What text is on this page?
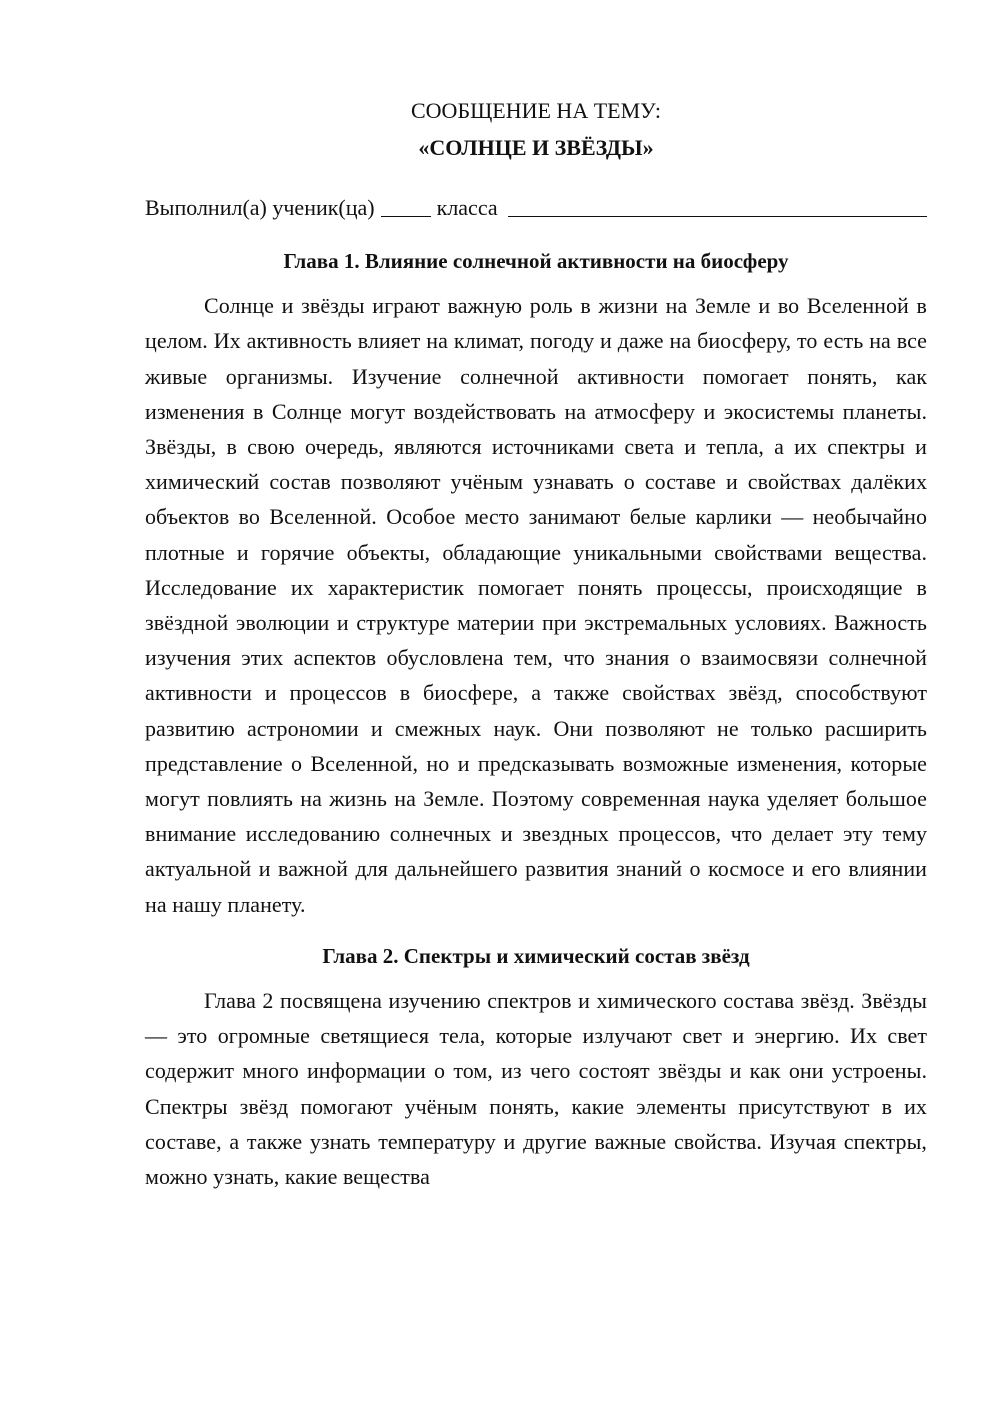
СООБЩЕНИЕ НА ТЕМУ:

«СОЛНЦЕ И ЗВЁЗДЫ»

Выполнил(а) ученик(ца)	класса
Глава 1. Влияние солнечной активности на биосферу

Солнце и звёзды играют важную роль в жизни на Земле и во Вселенной в целом. Их активность влияет на климат, погоду и даже на биосферу, то есть на все живые организмы. Изучение солнечной активности помогает понять, как изменения в Солнце могут воздействовать на атмосферу и экосистемы планеты. Звёзды, в свою очередь, являются источниками света и тепла, а их спектры и химический состав позволяют учёным узнавать о составе и свойствах далёких объектов во Вселенной. Особое место занимают белые карлики — необычайно плотные и горячие объекты, обладающие уникальными свойствами вещества. Исследование их характеристик помогает понять процессы, происходящие в звёздной эволюции и структуре материи при экстремальных условиях. Важность изучения этих аспектов обусловлена тем, что знания о взаимосвязи солнечной активности и процессов в биосфере, а также свойствах звёзд, способствуют развитию астрономии и смежных наук. Они позволяют не только расширить представление о Вселенной, но и предсказывать возможные изменения, которые могут повлиять на жизнь на Земле. Поэтому современная наука уделяет большое внимание исследованию солнечных и звездных процессов, что делает эту тему актуальной и важной для дальнейшего развития знаний о космосе и его влиянии на нашу планету.

Глава 2. Спектры и химический состав звёзд

Глава 2 посвящена изучению спектров и химического состава звёзд. Звёзды — это огромные светящиеся тела, которые излучают свет и энергию. Их свет содержит много информации о том, из чего состоят звёзды и как они устроены. Спектры звёзд помогают учёным понять, какие элементы присутствуют в их составе, а также узнать температуру и другие важные свойства. Изучая спектры, можно узнать, какие вещества
